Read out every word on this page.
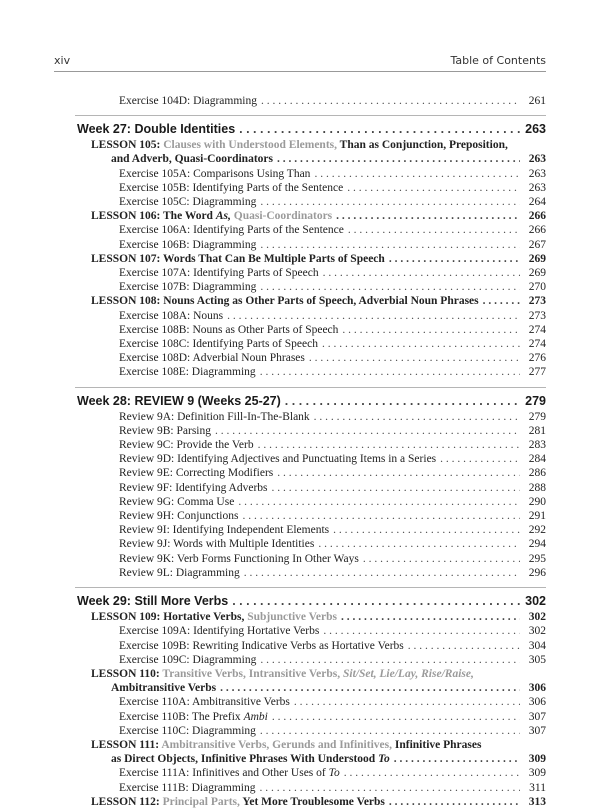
xiv	Table of Contents
Exercise 104D: Diagramming . . .	261
Week 27: Double Identities . . .	263
LESSON 105: Clauses with Understood Elements, Than as Conjunction, Preposition,
and Adverb, Quasi-Coordinators . . .	263
Exercise 105A: Comparisons Using Than . . .	263
Exercise 105B: Identifying Parts of the Sentence . . .	263
Exercise 105C: Diagramming . . .	264
LESSON 106: The Word As, Quasi-Coordinators . . .	266
Exercise 106A: Identifying Parts of the Sentence . . .	266
Exercise 106B: Diagramming . . .	267
LESSON 107: Words That Can Be Multiple Parts of Speech . . .	269
Exercise 107A: Identifying Parts of Speech . . .	269
Exercise 107B: Diagramming . . .	270
LESSON 108: Nouns Acting as Other Parts of Speech, Adverbial Noun Phrases . . .	273
Exercise 108A: Nouns . . .	273
Exercise 108B: Nouns as Other Parts of Speech . . .	274
Exercise 108C: Identifying Parts of Speech . . .	274
Exercise 108D: Adverbial Noun Phrases . . .	276
Exercise 108E: Diagramming . . .	277
Week 28: REVIEW 9 (Weeks 25-27) . . .	279
Review 9A: Definition Fill-In-The-Blank . . .	279
Review 9B: Parsing . . .	281
Review 9C: Provide the Verb . . .	283
Review 9D: Identifying Adjectives and Punctuating Items in a Series . . .	284
Review 9E: Correcting Modifiers . . .	286
Review 9F: Identifying Adverbs . . .	288
Review 9G: Comma Use . . .	290
Review 9H: Conjunctions . . .	291
Review 9I: Identifying Independent Elements . . .	292
Review 9J: Words with Multiple Identities . . .	294
Review 9K: Verb Forms Functioning In Other Ways . . .	295
Review 9L: Diagramming . . .	296
Week 29: Still More Verbs . . .	302
LESSON 109: Hortative Verbs, Subjunctive Verbs . . .	302
Exercise 109A: Identifying Hortative Verbs . . .	302
Exercise 109B: Rewriting Indicative Verbs as Hortative Verbs . . .	304
Exercise 109C: Diagramming . . .	305
LESSON 110: Transitive Verbs, Intransitive Verbs, Sit/Set, Lie/Lay, Rise/Raise,
Ambitransitive Verbs . . .	306
Exercise 110A: Ambitransitive Verbs . . .	306
Exercise 110B: The Prefix Ambi . . .	307
Exercise 110C: Diagramming . . .	307
LESSON 111: Ambitransitive Verbs, Gerunds and Infinitives, Infinitive Phrases
as Direct Objects, Infinitive Phrases With Understood To . . .	309
Exercise 111A: Infinitives and Other Uses of To . . .	309
Exercise 111B: Diagramming . . .	311
LESSON 112: Principal Parts, Yet More Troublesome Verbs . . .	313
